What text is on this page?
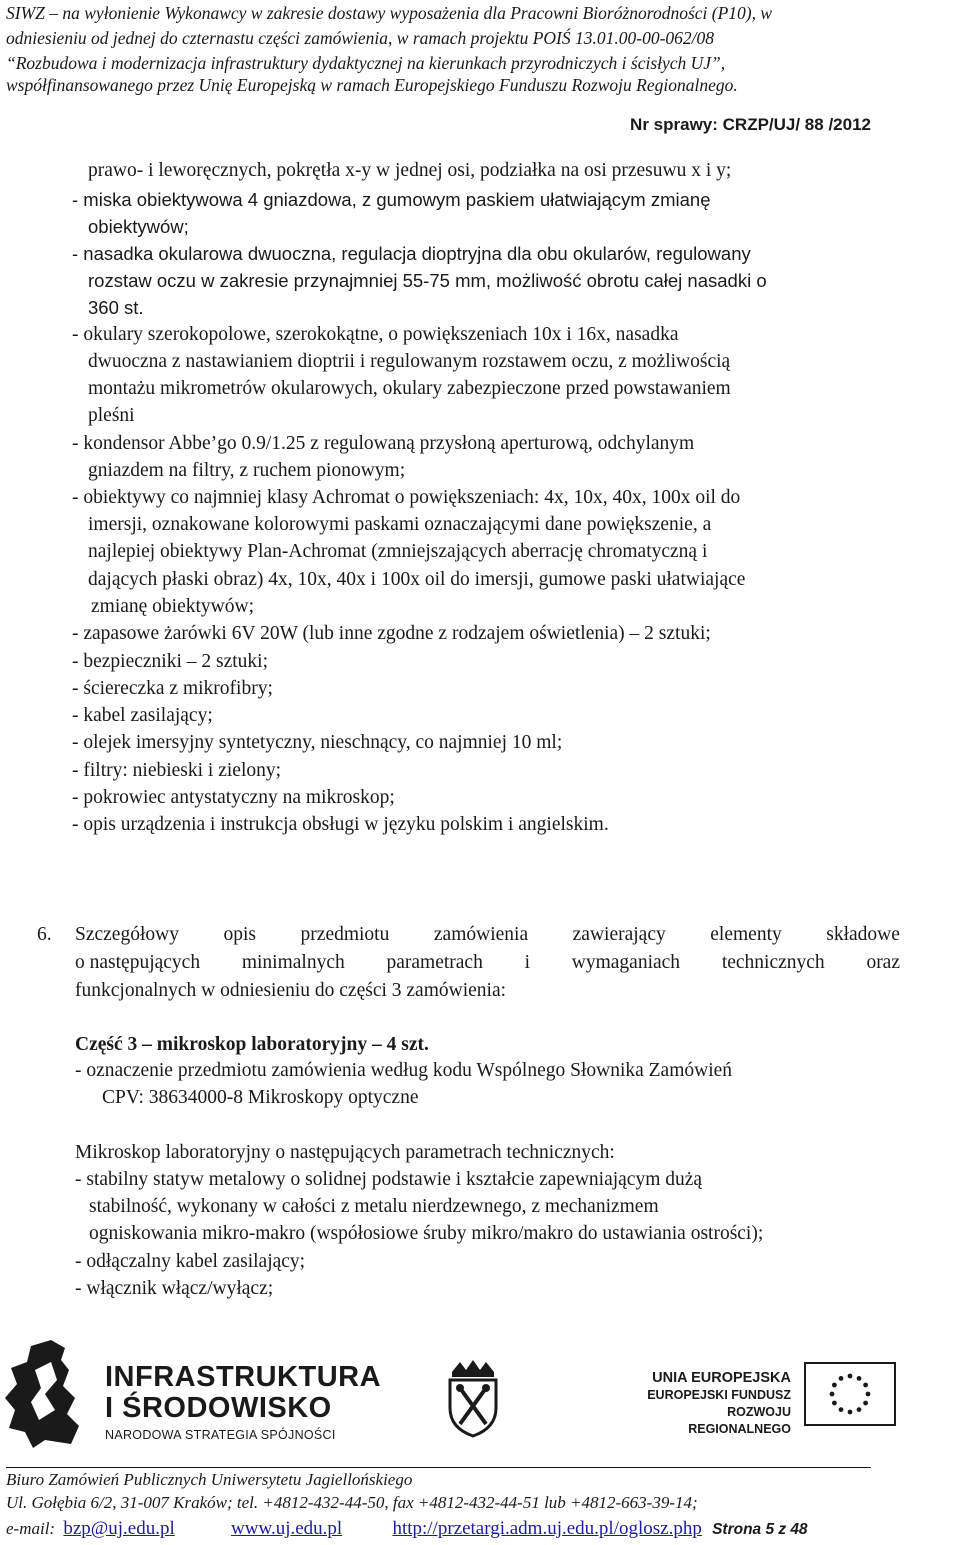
SIWZ – na wyłonienie Wykonawcy w zakresie dostawy wyposażenia dla Pracowni Bioróżnorodności (P10), w
odniesieniu od jednej do czternastu części zamówienia, w ramach projektu POIŚ 13.01.00-00-062/08
“Rozbudowa i modernizacja infrastruktury dydaktycznej na kierunkach przyrodniczych i ścisłych UJ”,
współfinansowanego przez Unię Europejską w ramach Europejskiego Funduszu Rozwoju Regionalnego.
Nr sprawy: CRZP/UJ/ 88 /2012
prawo- i leworęcznych, pokrętła x-y w jednej osi, podziałka na osi przesuwu x i y;
- miska obiektywowa 4 gniazdowa, z gumowym paskiem ułatwiającym zmianę
obiektywów;
- nasadka okularowa dwuoczna, regulacja dioptryjna dla obu okularów, regulowany
rozstaw oczu w zakresie przynajmniej 55-75 mm, możliwość obrotu całej nasadki o
360 st.
- okulary szerokopolowe, szerokokątne, o powiększeniach 10x i 16x, nasadka
dwuoczna z nastawianiem dioptrii i regulowanym rozstawem oczu, z możliwością
montażu mikrometrów okularowych, okulary zabezpieczone przed powstawaniem
pleśni
- kondensor Abbe’go 0.9/1.25 z regulowaną przysłoną aperturową, odchylanym
gniazdem na filtry, z ruchem pionowym;
- obiektywy co najmniej klasy Achromat o powiększeniach: 4x, 10x, 40x, 100x oil do
imersji, oznakowane kolorowymi paskami oznaczającymi dane powiększenie, a
najlepiej obiektywy Plan-Achromat (zmniejszających aberrację chromatyczną i
dających płaski obraz) 4x, 10x, 40x i 100x oil do imersji, gumowe paski ułatwiające
zmianę obiektywów;
- zapasowe żarówki 6V 20W (lub inne zgodne z rodzajem oświetlenia) – 2 sztuki;
- bezpieczniki – 2 sztuki;
- ściereczka z mikrofibry;
- kabel zasilający;
- olejek imersyjny syntetyczny, nieschnący, co najmniej 10 ml;
- filtry: niebieski i zielony;
- pokrowiec antystatyczny na mikroskop;
- opis urządzenia i instrukcja obsługi w języku polskim i angielskim.
6. Szczegółowy opis przedmiotu zamówienia zawierający elementy składowe
o następujących minimalnych parametrach i wymaganiach technicznych oraz
funkcjonalnych w odniesieniu do części 3 zamówienia:
Część 3 – mikroskop laboratoryjny – 4 szt.
- oznaczenie przedmiotu zamówienia według kodu Wspólnego Słownika Zamówień
CPV: 38634000-8 Mikroskopy optyczne
Mikroskop laboratoryjny o następujących parametrach technicznych:
- stabilny statyw metalowy o solidnej podstawie i kształcie zapewniającym dużą
stabilność, wykonany w całości z metalu nierdzewnego, z mechanizmem
ogniskowania mikro-makro (współosiowe śruby mikro/makro do ustawiania ostrości);
- odłączalny kabel zasilający;
- włącznik włącz/wyłącz;
INFRASTRUKTURA
I ŚRODOWISKO
NARODOWA STRATEGIA SPÓJNOŚCI
UNIA EUROPEJSKA
EUROPEJSKI FUNDUSZ
ROZWOJU REGIONALNEGO
Biuro Zamówień Publicznych Uniwersytetu Jagiellońskiego
Ul. Gołębia 6/2, 31-007 Kraków; tel. +4812-432-44-50, fax +4812-432-44-51 lub +4812-663-39-14;
e-mail: bzp@uj.edu.pl	www.uj.edu.pl	http://przetargi.adm.uj.edu.pl/oglosz.php Strona 5 z 48
